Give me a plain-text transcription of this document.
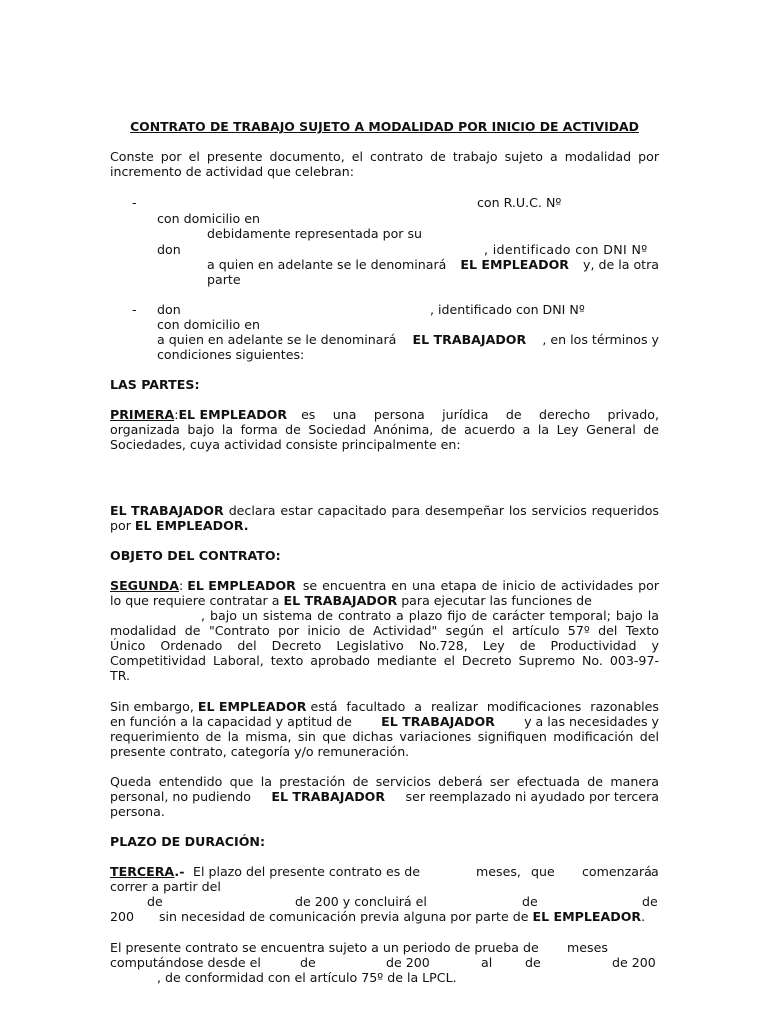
CONTRATO DE TRABAJO SUJETO A MODALIDAD POR INICIO DE ACTIVIDAD
Conste por el presente documento, el contrato de trabajo sujeto a modalidad por
incremento de actividad que celebran:
-	con R.U.C. Nº
con domicilio en
debidamente representada por su
don	, identificado con DNI Nº
a quien en adelante se le denominará EL EMPLEADOR y, de la otra
parte
- don	, identificado con DNI Nº
con domicilio en
a quien en adelante se le denominará EL TRABAJADOR , en los términos y
condiciones siguientes:
LAS PARTES:
PRIMERA: EL EMPLEADOR es una persona jurídica de derecho privado,
organizada bajo la forma de Sociedad Anónima, de acuerdo a la Ley General de
Sociedades, cuya actividad consiste principalmente en:
EL TRABAJADOR declara estar capacitado para desempeñar los servicios requeridos
por EL EMPLEADOR.
OBJETO DEL CONTRATO:
SEGUNDA: EL EMPLEADOR se encuentra en una etapa de inicio de actividades por
lo que requiere contratar a EL TRABAJADOR para ejecutar las funciones de
, bajo un sistema de contrato a plazo fijo de carácter temporal; bajo la
modalidad de "Contrato por inicio de Actividad" según el artículo 57º del Texto
Único Ordenado del Decreto Legislativo No.728, Ley de Productividad y
Competitividad Laboral, texto aprobado mediante el Decreto Supremo No. 003-97-
TR.
Sin embargo, EL EMPLEADOR está facultado a realizar modificaciones razonables
en función a la capacidad y aptitud de EL TRABAJADOR y a las necesidades y
requerimiento de la misma, sin que dichas variaciones signifiquen modificación del
presente contrato, categoría y/o remuneración.
Queda entendido que la prestación de servicios deberá ser efectuada de manera
personal, no pudiendo EL TRABAJADOR ser reemplazado ni ayudado por tercera
persona.
PLAZO DE DURACIÓN:
TERCERA.- El plazo del presente contrato es de	meses, que comenzará a
correr a partir del
de	de 200 y concluirá el	de	de
200 sin necesidad de comunicación previa alguna por parte de EL EMPLEADOR.
El presente contrato se encuentra sujeto a un periodo de prueba de meses
computándose desde el	de	de 200	al	de	de 200
, de conformidad con el artículo 75º de la LPCL.
